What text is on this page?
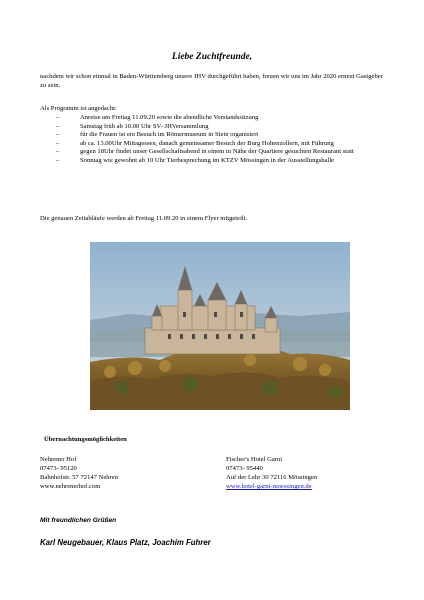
Liebe Zuchtfreunde,
nachdem wir schon einmal in Baden-Württemberg unsere JHV durchgeführt haben, freuen wir uns im Jahr 2020 erneut Gastgeber zu sein.
Als Programm ist angedacht:
–	Anreise am Freitag 11.09.20 sowie die abendliche Vorstandssitzung
–	Samstag früh ab 10.00 Uhr SV- JHVersammlung
–	für die Frauen ist ein Besuch im Römermuseum in Stein organisiert
–	ab ca. 13.00Uhr Mittagessen, danach gemeinsamer Besuch der Burg Hohenzollern, mit Führung
–	gegen 18Uhr findet unser Gesellschaftsabend in einem in Nähe der Quartiere gesuchten Restaurant statt
–	Sonntag wie gewohnt ab 10 Uhr Tierbesprechung im KTZV Mössingen in der Ausstellungshalle
Die genauen Zeitabläufe werden ab Freitag 11.09.20 in einem Flyer mitgeteilt.
Übernachtungsmöglichkeiten
Nehrener Hof
07473- 95120
Bahnhofstr. 57 72147 Nehren
www.nehrenerhof.com
Fischer's Hotel Garni
07473- 95440
Auf der Lehr 30 72116 Mössingen
www.hotel-garni-moessingen.de
Mit freundlichen Grüßen
Karl Neugebauer, Klaus Platz, Joachim Fuhrer
